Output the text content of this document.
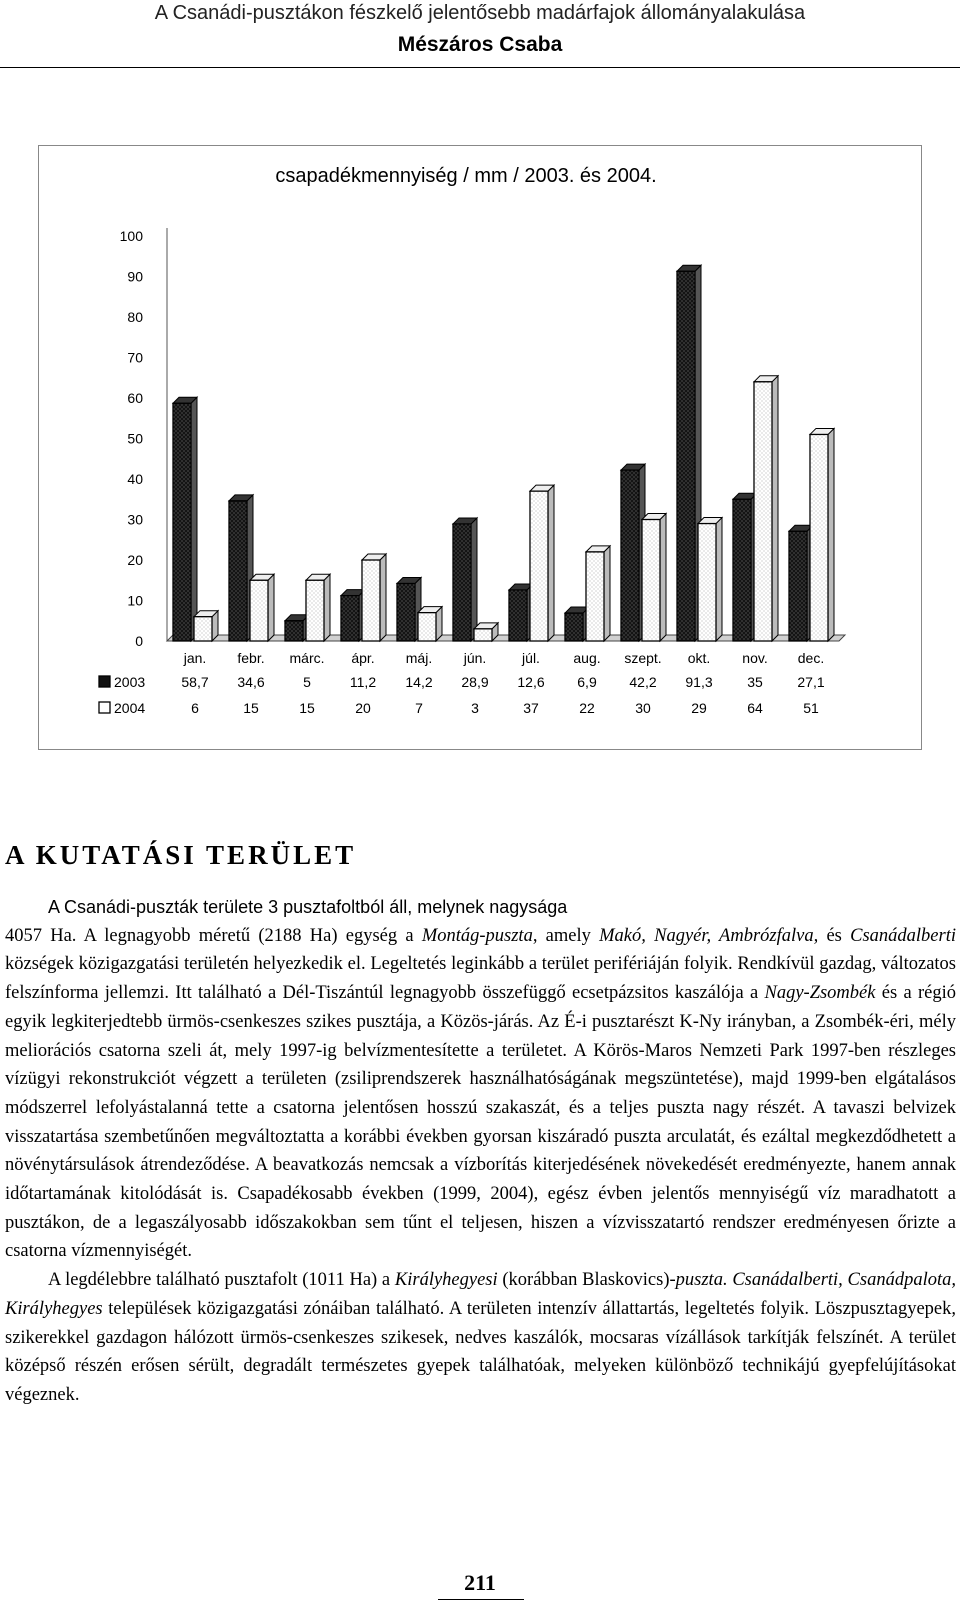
A Csanádi-pusztákon fészkelő jelentősebb madárfajok állományalakulása
Mészáros Csaba
csapadékmennyiség / mm / 2003. és 2004.
0
10
20
30
40
50
60
70
80
90
100
jan. febr. márc. ápr. máj. jún.	júl. aug. szept. okt. nov. dec.
2003	58,7 34,6	5	11,2 14,2 28,9 12,6 6,9 42,2 91,3 35 27,1
2004	6	15	15	20	7	3	37	22	30	29	64	51
A KUTATÁSI TERÜLET

A Csanádi-puszták területe 3 pusztafoltból áll, melynek nagysága

4057 Ha. A legnagyobb méretű (2188 Ha) egység a Montág-puszta, amely Makó, Nagyér, Ambrózfalva, és Csanádalberti községek közigazgatási területén helyezkedik el. Legeltetés leginkább a terület perifériáján folyik. Rendkívül gazdag, változatos felszínforma jellemzi. Itt található a Dél-Tiszántúl legnagyobb összefüggő ecsetpázsitos kaszálója a Nagy-Zsombék és a régió egyik legkiterjedtebb ürmös-csenkeszes szikes pusztája, a Közös-járás. Az É-i pusztarészt K-Ny irányban, a Zsombék-éri, mély meliorációs csatorna szeli át, mely 1997-ig belvízmentesítette a területet. A Körös-Maros Nemzeti Park 1997-ben részleges vízügyi rekonstrukciót végzett a területen (zsiliprendszerek használhatóságának megszüntetése), majd 1999-ben elgátalásos módszerrel lefolyástalanná tette a csatorna jelentősen hosszú szakaszát, és a teljes puszta nagy részét. A tavaszi belvizek visszatartása szembetűnően megváltoztatta a korábbi években gyorsan kiszáradó puszta arculatát, és ezáltal megkezdődhetett a növénytársulások átrendeződése. A beavatkozás nemcsak a vízborítás kiterjedésének növekedését eredményezte, hanem annak időtartamának kitolódását is. Csapadékosabb években (1999, 2004), egész évben jelentős mennyiségű víz maradhatott a pusztákon, de a legaszályosabb időszakokban sem tűnt el teljesen, hiszen a vízvisszatartó rendszer eredményesen őrizte a csatorna vízmennyiségét.

A legdélebbre található pusztafolt (1011 Ha) a Királyhegyesi (korábban Blaskovics)-puszta. Csanádalberti, Csanádpalota, Királyhegyes települések közigazgatási zónáiban található. A területen intenzív állattartás, legeltetés folyik. Löszpusztagyepek, szikerekkel gazdagon hálózott ürmös-csenkeszes szikesek, nedves kaszálók, mocsaras vízállások tarkítják felszínét. A terület középső részén erősen sérült, degradált természetes gyepek találhatóak, melyeken különböző technikájú gyepfelújításokat végeznek.

211
